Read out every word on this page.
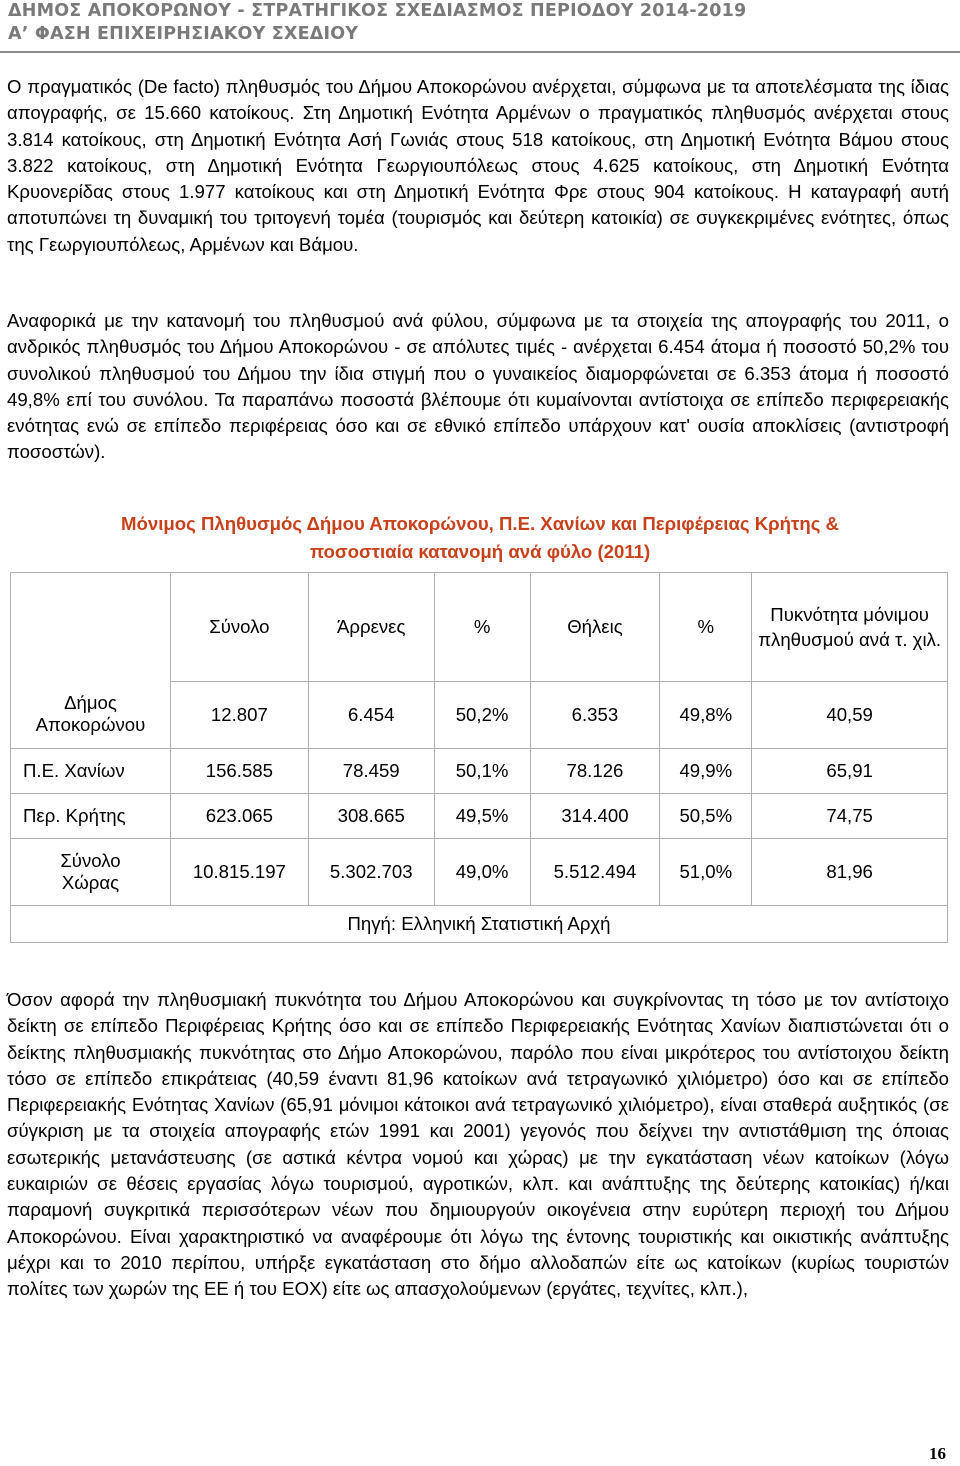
ΔΗΜΟΣ ΑΠΟΚΟΡΩΝΟΥ - ΣΤΡΑΤΗΓΙΚΟΣ ΣΧΕΔΙΑΣΜΟΣ ΠΕΡΙΟΔΟΥ 2014-2019
Α’ ΦΑΣΗ ΕΠΙΧΕΙΡΗΣΙΑΚΟΥ ΣΧΕΔΙΟΥ
Ο πραγματικός (De facto) πληθυσμός του Δήμου Αποκορώνου ανέρχεται, σύμφωνα με τα αποτελέσματα της ίδιας απογραφής, σε 15.660 κατοίκους. Στη Δημοτική Ενότητα Αρμένων ο πραγματικός πληθυσμός ανέρχεται στους 3.814 κατοίκους, στη Δημοτική Ενότητα Ασή Γωνιάς στους 518 κατοίκους, στη Δημοτική Ενότητα Βάμου στους 3.822 κατοίκους, στη Δημοτική Ενότητα Γεωργιουπόλεως στους 4.625 κατοίκους, στη Δημοτική Ενότητα Κρυονερίδας στους 1.977 κατοίκους και στη Δημοτική Ενότητα Φρε στους 904 κατοίκους. Η καταγραφή αυτή αποτυπώνει τη δυναμική του τριτογενή τομέα (τουρισμός και δεύτερη κατοικία) σε συγκεκριμένες ενότητες, όπως της Γεωργιουπόλεως, Αρμένων και Βάμου.
Αναφορικά με την κατανομή του πληθυσμού ανά φύλου, σύμφωνα με τα στοιχεία της απογραφής του 2011, ο ανδρικός πληθυσμός του Δήμου Αποκορώνου - σε απόλυτες τιμές - ανέρχεται 6.454 άτομα ή ποσοστό 50,2% του συνολικού πληθυσμού του Δήμου την ίδια στιγμή που ο γυναικείος διαμορφώνεται σε 6.353 άτομα ή ποσοστό 49,8% επί του συνόλου. Τα παραπάνω ποσοστά βλέπουμε ότι κυμαίνονται αντίστοιχα σε επίπεδο περιφερειακής ενότητας ενώ σε επίπεδο περιφέρειας όσο και σε εθνικό επίπεδο υπάρχουν κατ' ουσία αποκλίσεις (αντιστροφή ποσοστών).
Μόνιμος Πληθυσμός Δήμου Αποκορώνου, Π.Ε. Χανίων και Περιφέρειας Κρήτης &
ποσοστιαία κατανομή ανά φύλο (2011)
	Σύνολο	Άρρενες	%	Θήλεις	%	Πυκνότητα μόνιμου πληθυσμού ανά τ. χιλ.
Δήμος Αποκορώνου	12.807	6.454	50,2%	6.353	49,8%	40,59
Π.Ε. Χανίων	156.585	78.459	50,1%	78.126	49,9%	65,91
Περ. Κρήτης	623.065	308.665	49,5%	314.400	50,5%	74,75
Σύνολο Χώρας	10.815.197	5.302.703	49,0%	5.512.494	51,0%	81,96
Πηγή: Ελληνική Στατιστική Αρχή						
Όσον αφορά την πληθυσμιακή πυκνότητα του Δήμου Αποκορώνου και συγκρίνοντας τη τόσο με τον αντίστοιχο δείκτη σε επίπεδο Περιφέρειας Κρήτης όσο και σε επίπεδο Περιφερειακής Ενότητας Χανίων διαπιστώνεται ότι ο δείκτης πληθυσμιακής πυκνότητας στο Δήμο Αποκορώνου, παρόλο που είναι μικρότερος του αντίστοιχου δείκτη τόσο σε επίπεδο επικράτειας (40,59 έναντι 81,96 κατοίκων ανά τετραγωνικό χιλιόμετρο) όσο και σε επίπεδο Περιφερειακής Ενότητας Χανίων (65,91 μόνιμοι κάτοικοι ανά τετραγωνικό χιλιόμετρο), είναι σταθερά αυξητικός (σε σύγκριση με τα στοιχεία απογραφής ετών 1991 και 2001) γεγονός που δείχνει την αντιστάθμιση της όποιας εσωτερικής μετανάστευσης (σε αστικά κέντρα νομού και χώρας) με την εγκατάσταση νέων κατοίκων (λόγω ευκαιριών σε θέσεις εργασίας λόγω τουρισμού, αγροτικών, κλπ. και ανάπτυξης της δεύτερης κατοικίας) ή/και παραμονή συγκριτικά περισσότερων νέων που δημιουργούν οικογένεια στην ευρύτερη περιοχή του Δήμου Αποκορώνου. Είναι χαρακτηριστικό να αναφέρουμε ότι λόγω της έντονης τουριστικής και οικιστικής ανάπτυξης μέχρι και το 2010 περίπου, υπήρξε εγκατάσταση στο δήμο αλλοδαπών είτε ως κατοίκων (κυρίως τουριστών πολίτες των χωρών της ΕΕ ή του ΕΟΧ) είτε ως απασχολούμενων (εργάτες, τεχνίτες, κλπ.),
16
